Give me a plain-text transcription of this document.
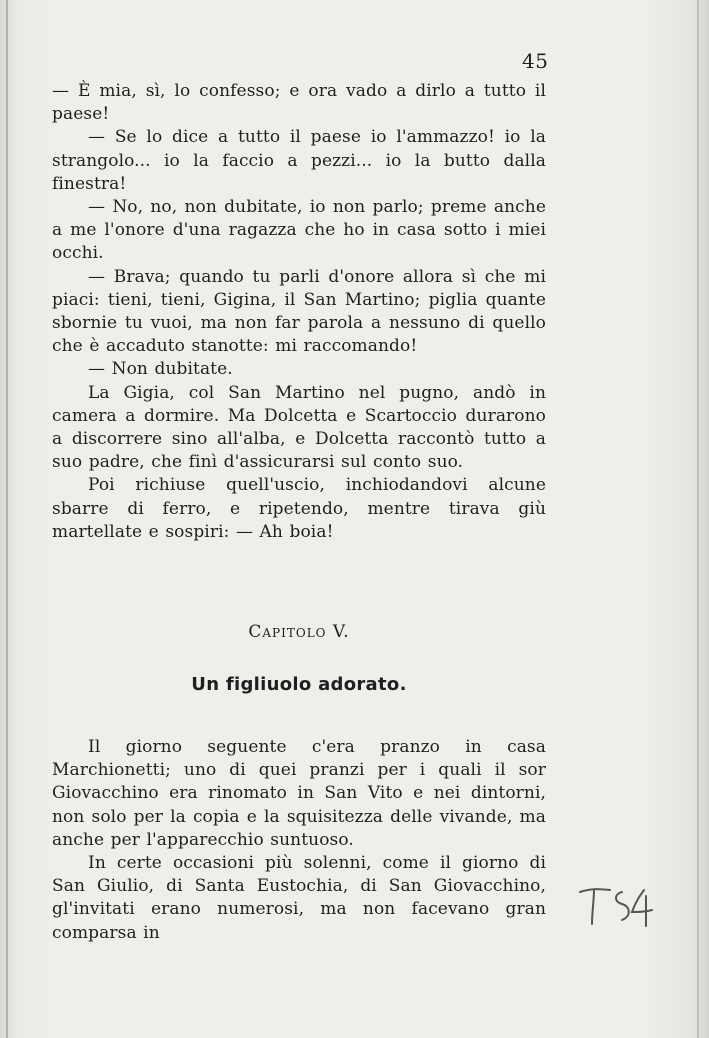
45

— È mia, sì, lo confesso; e ora vado a dirlo a tutto il paese!

— Se lo dice a tutto il paese io l'ammazzo! io la strangolo... io la faccio a pezzi... io la butto dalla finestra!

— No, no, non dubitate, io non parlo; preme anche a me l'onore d'una ragazza che ho in casa sotto i miei occhi.

— Brava; quando tu parli d'onore allora sì che mi piaci: tieni, tieni, Gigina, il San Martino; piglia quante sbornie tu vuoi, ma non far parola a nessuno di quello che è accaduto stanotte: mi raccomando!

— Non dubitate.

La Gigia, col San Martino nel pugno, andò in camera a dormire. Ma Dolcetta e Scartoccio durarono a discorrere sino all'alba, e Dolcetta raccontò tutto a suo padre, che finì d'assicurarsi sul conto suo.

Poi richiuse quell'uscio, inchiodandovi alcune sbarre di ferro, e ripetendo, mentre tirava giù martellate e sospiri: — Ah boia!

Capitolo V.
Un figliuolo adorato.

Il giorno seguente c'era pranzo in casa Marchionetti; uno di quei pranzi per i quali il sor Giovacchino era rinomato in San Vito e nei dintorni, non solo per la copia e la squisitezza delle vivande, ma anche per l'apparecchio suntuoso.

In certe occasioni più solenni, come il giorno di San Giulio, di Santa Eustochia, di San Giovacchino, gl'invitati erano numerosi, ma non facevano gran comparsa in
